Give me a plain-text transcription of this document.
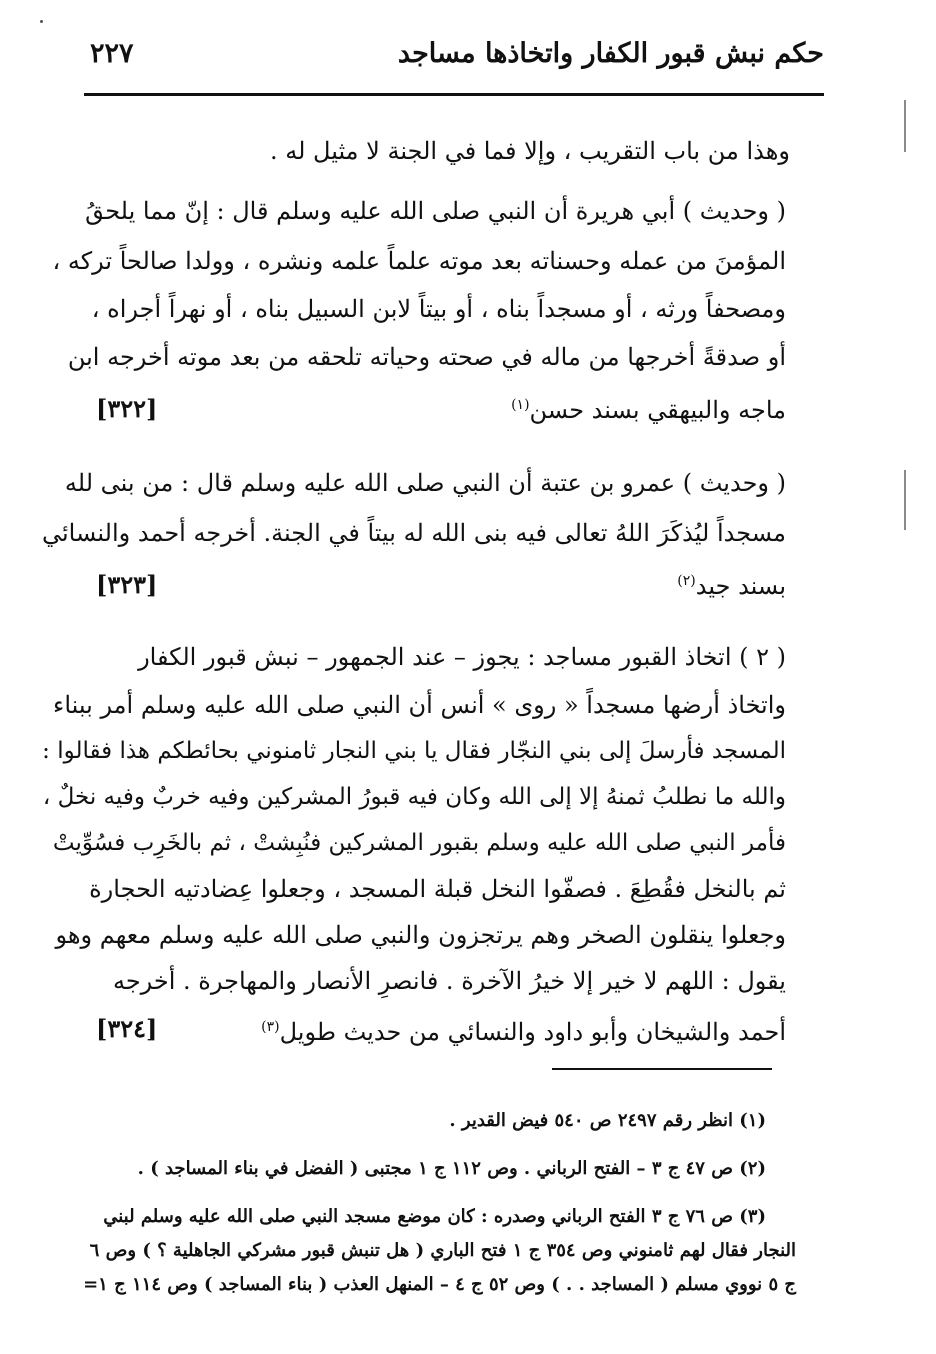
حكم نبش قبور الكفار واتخاذها مساجد
٢٢٧
وهذا من باب التقريب ، وإلا فما في الجنة لا مثيل له .
( وحديث ) أبي هريرة أن النبي صلى الله عليه وسلم قال : إنّ مما يلحقُ
المؤمنَ من عمله وحسناته بعد موته علماً علمه ونشره ، وولدا صالحاً تركه ،
ومصحفاً ورثه ، أو مسجداً بناه ، أو بيتاً لابن السبيل بناه ، أو نهراً أجراه ،
أو صدقةً أخرجها من ماله في صحته وحياته تلحقه من بعد موته أخرجه ابن
ماجه والبيهقي بسند حسن$^{(١)}$
[٣٢٢]
( وحديث ) عمرو بن عتبة أن النبي صلى الله عليه وسلم قال : من بنى لله
مسجداً ليُذكَرَ اللهُ تعالى فيه بنى الله له بيتاً في الجنة. أخرجه أحمد والنسائي
بسند جيد$^{(٢)}$
[٣٢٣]
( ٢ ) اتخاذ القبور مساجد : يجوز – عند الجمهور – نبش قبور الكفار
واتخاذ أرضها مسجداً « روى » أنس أن النبي صلى الله عليه وسلم أمر ببناء
المسجد فأرسلَ إلى بني النجّار فقال يا بني النجار ثامنوني بحائطكم هذا فقالوا :
والله ما نطلبُ ثمنهُ إلا إلى الله وكان فيه قبورُ المشركين وفيه خربٌ وفيه نخلٌ ،
فأمر النبي صلى الله عليه وسلم بقبور المشركين فنُبِشتْ ، ثم بالخَرِب فسُوِّيتْ
ثم بالنخل فقُطِعَ . فصفّوا النخل قبلة المسجد ، وجعلوا عِضادتيه الحجارة
وجعلوا ينقلون الصخر وهم يرتجزون والنبي صلى الله عليه وسلم معهم وهو
يقول : اللهم لا خير إلا خيرُ الآخرة . فانصرِ الأنصار والمهاجرة . أخرجه
أحمد والشيخان وأبو داود والنسائي من حديث طويل$^{(٣)}$
[٣٢٤]
(١) انظر رقم ٢٤٩٧ ص ٥٤٠ فيض القدير .
(٢) ص ٤٧ ج ٣ – الفتح الرباني . وص ١١٢ ج ١ مجتبى ( الفضل في بناء المساجد ) .
(٣) ص ٧٦ ج ٣ الفتح الرباني وصدره : كان موضع مسجد النبي صلى الله عليه وسلم لبني
النجار فقال لهم ثامنوني وص ٣٥٤ ج ١ فتح الباري ( هل تنبش قبور مشركي الجاهلية ؟ ) وص ٦
ج ٥ نووي مسلم ( المساجد . . ) وص ٥٢ ج ٤ – المنهل العذب ( بناء المساجد ) وص ١١٤ ج ١=
